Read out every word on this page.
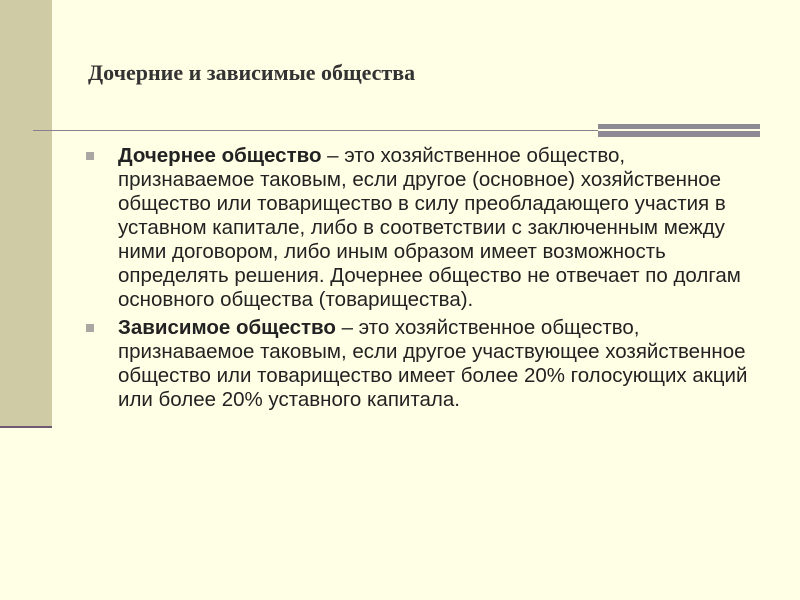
Дочерние и зависимые общества
Дочернее общество – это хозяйственное общество, признаваемое таковым, если другое (основное) хозяйственное общество или товарищество в силу преобладающего участия в уставном капитале, либо в соответствии с заключенным между ними договором, либо иным образом имеет возможность определять решения. Дочернее общество не отвечает по долгам основного общества (товарищества).
Зависимое общество – это хозяйственное общество, признаваемое таковым, если другое участвующее хозяйственное общество или товарищество имеет более 20% голосующих акций или более 20% уставного капитала.
